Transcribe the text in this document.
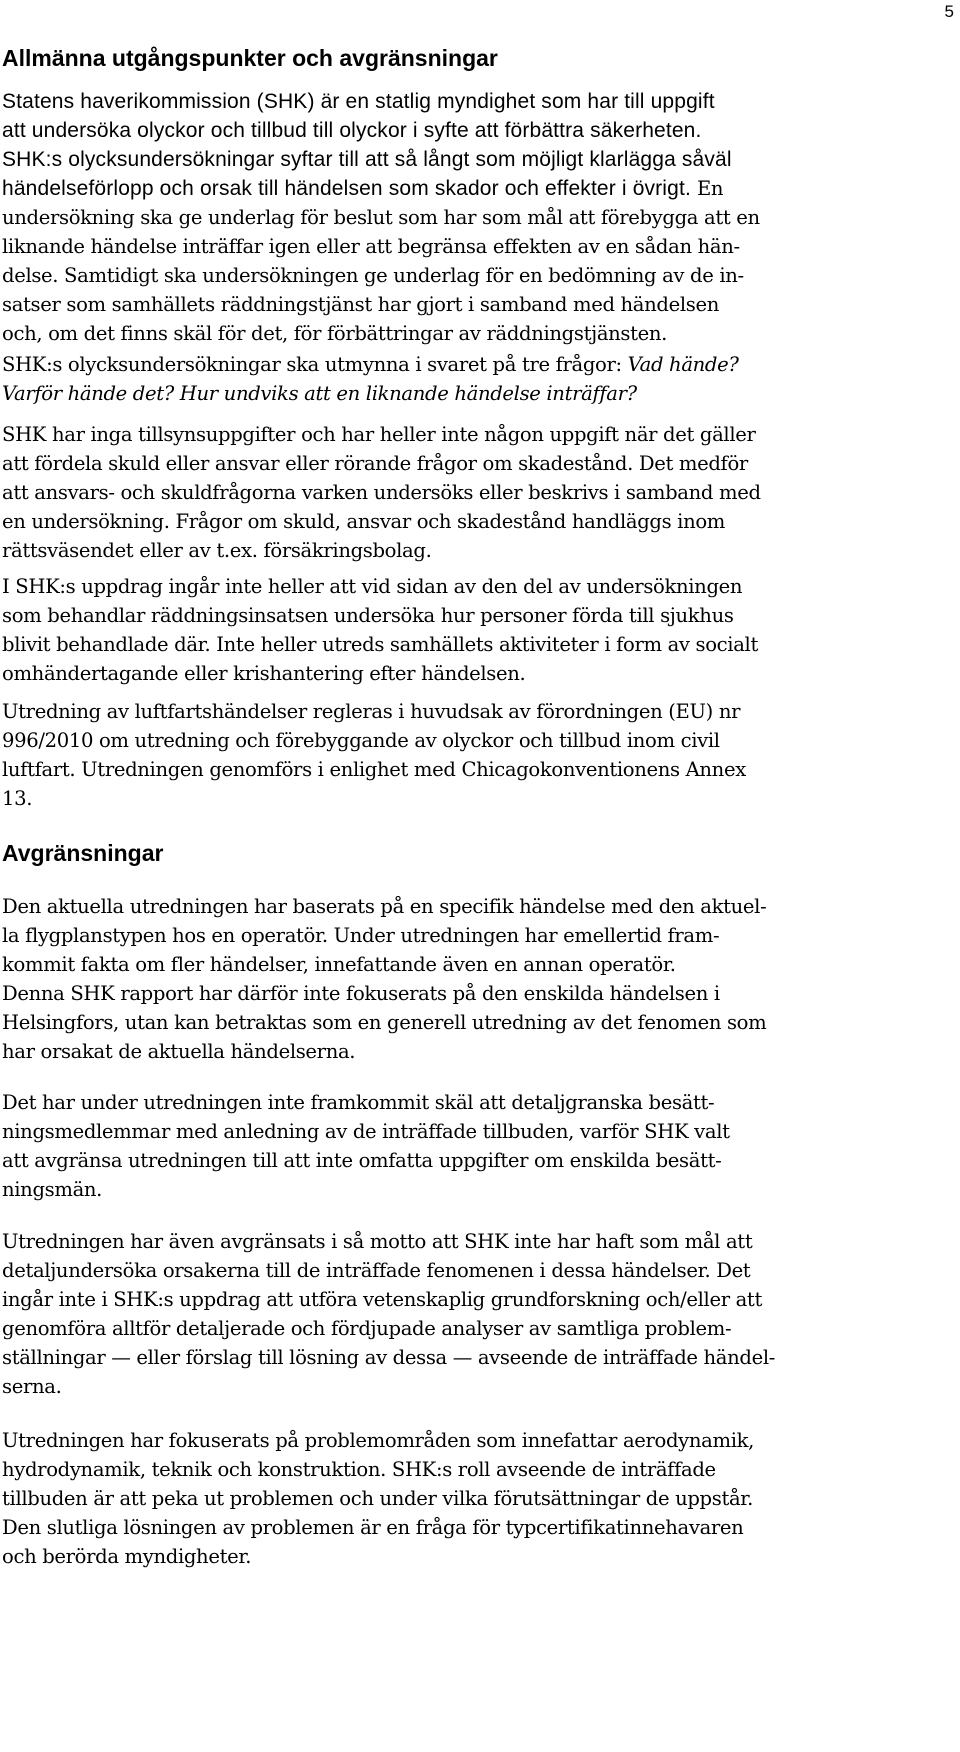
5
Allmänna utgångspunkter och avgränsningar

Statens haverikommission (SHK) är en statlig myndighet som har till uppgift
att undersöka olyckor och tillbud till olyckor i syfte att förbättra säkerheten.
SHK:s olycksundersökningar syftar till att så långt som möjligt klarlägga såväl
händelseförlopp och orsak till händelsen som skador och effekter i övrigt. En

undersökning ska ge underlag för beslut som har som mål att förebygga att en
liknande händelse inträffar igen eller att begränsa effekten av en sådan hän-
delse. Samtidigt ska undersökningen ge underlag för en bedömning av de in-
satser som samhällets räddningstjänst har gjort i samband med händelsen
och, om det finns skäl för det, för förbättringar av räddningstjänsten.

SHK:s olycksundersökningar ska utmynna i svaret på tre frågor: Vad hände?
Varför hände det? Hur undviks att en liknande händelse inträffar?

SHK har inga tillsynsuppgifter och har heller inte någon uppgift när det gäller
att fördela skuld eller ansvar eller rörande frågor om skadestånd. Det medför
att ansvars- och skuldfrågorna varken undersöks eller beskrivs i samband med
en undersökning. Frågor om skuld, ansvar och skadestånd handläggs inom
rättsväsendet eller av t.ex. försäkringsbolag.

I SHK:s uppdrag ingår inte heller att vid sidan av den del av undersökningen
som behandlar räddningsinsatsen undersöka hur personer förda till sjukhus
blivit behandlade där. Inte heller utreds samhällets aktiviteter i form av socialt
omhändertagande eller krishantering efter händelsen.

Utredning av luftfartshändelser regleras i huvudsak av förordningen (EU) nr
996/2010 om utredning och förebyggande av olyckor och tillbud inom civil
luftfart. Utredningen genomförs i enlighet med Chicagokonventionens Annex
13.

Avgränsningar

Den aktuella utredningen har baserats på en specifik händelse med den aktuel-
la flygplanstypen hos en operatör. Under utredningen har emellertid fram-
kommit fakta om fler händelser, innefattande även en annan operatör.
Denna SHK rapport har därför inte fokuserats på den enskilda händelsen i
Helsingfors, utan kan betraktas som en generell utredning av det fenomen som
har orsakat de aktuella händelserna.

Det har under utredningen inte framkommit skäl att detaljgranska besätt-
ningsmedlemmar med anledning av de inträffade tillbuden, varför SHK valt
att avgränsa utredningen till att inte omfatta uppgifter om enskilda besätt-
ningsmän.

Utredningen har även avgränsats i så motto att SHK inte har haft som mål att
detaljundersöka orsakerna till de inträffade fenomenen i dessa händelser. Det
ingår inte i SHK:s uppdrag att utföra vetenskaplig grundforskning och/eller att
genomföra alltför detaljerade och fördjupade analyser av samtliga problem-
ställningar — eller förslag till lösning av dessa — avseende de inträffade händel-
serna.

Utredningen har fokuserats på problemområden som innefattar aerodynamik,
hydrodynamik, teknik och konstruktion. SHK:s roll avseende de inträffade
tillbuden är att peka ut problemen och under vilka förutsättningar de uppstår.
Den slutliga lösningen av problemen är en fråga för typcertifikatinnehavaren
och berörda myndigheter.
